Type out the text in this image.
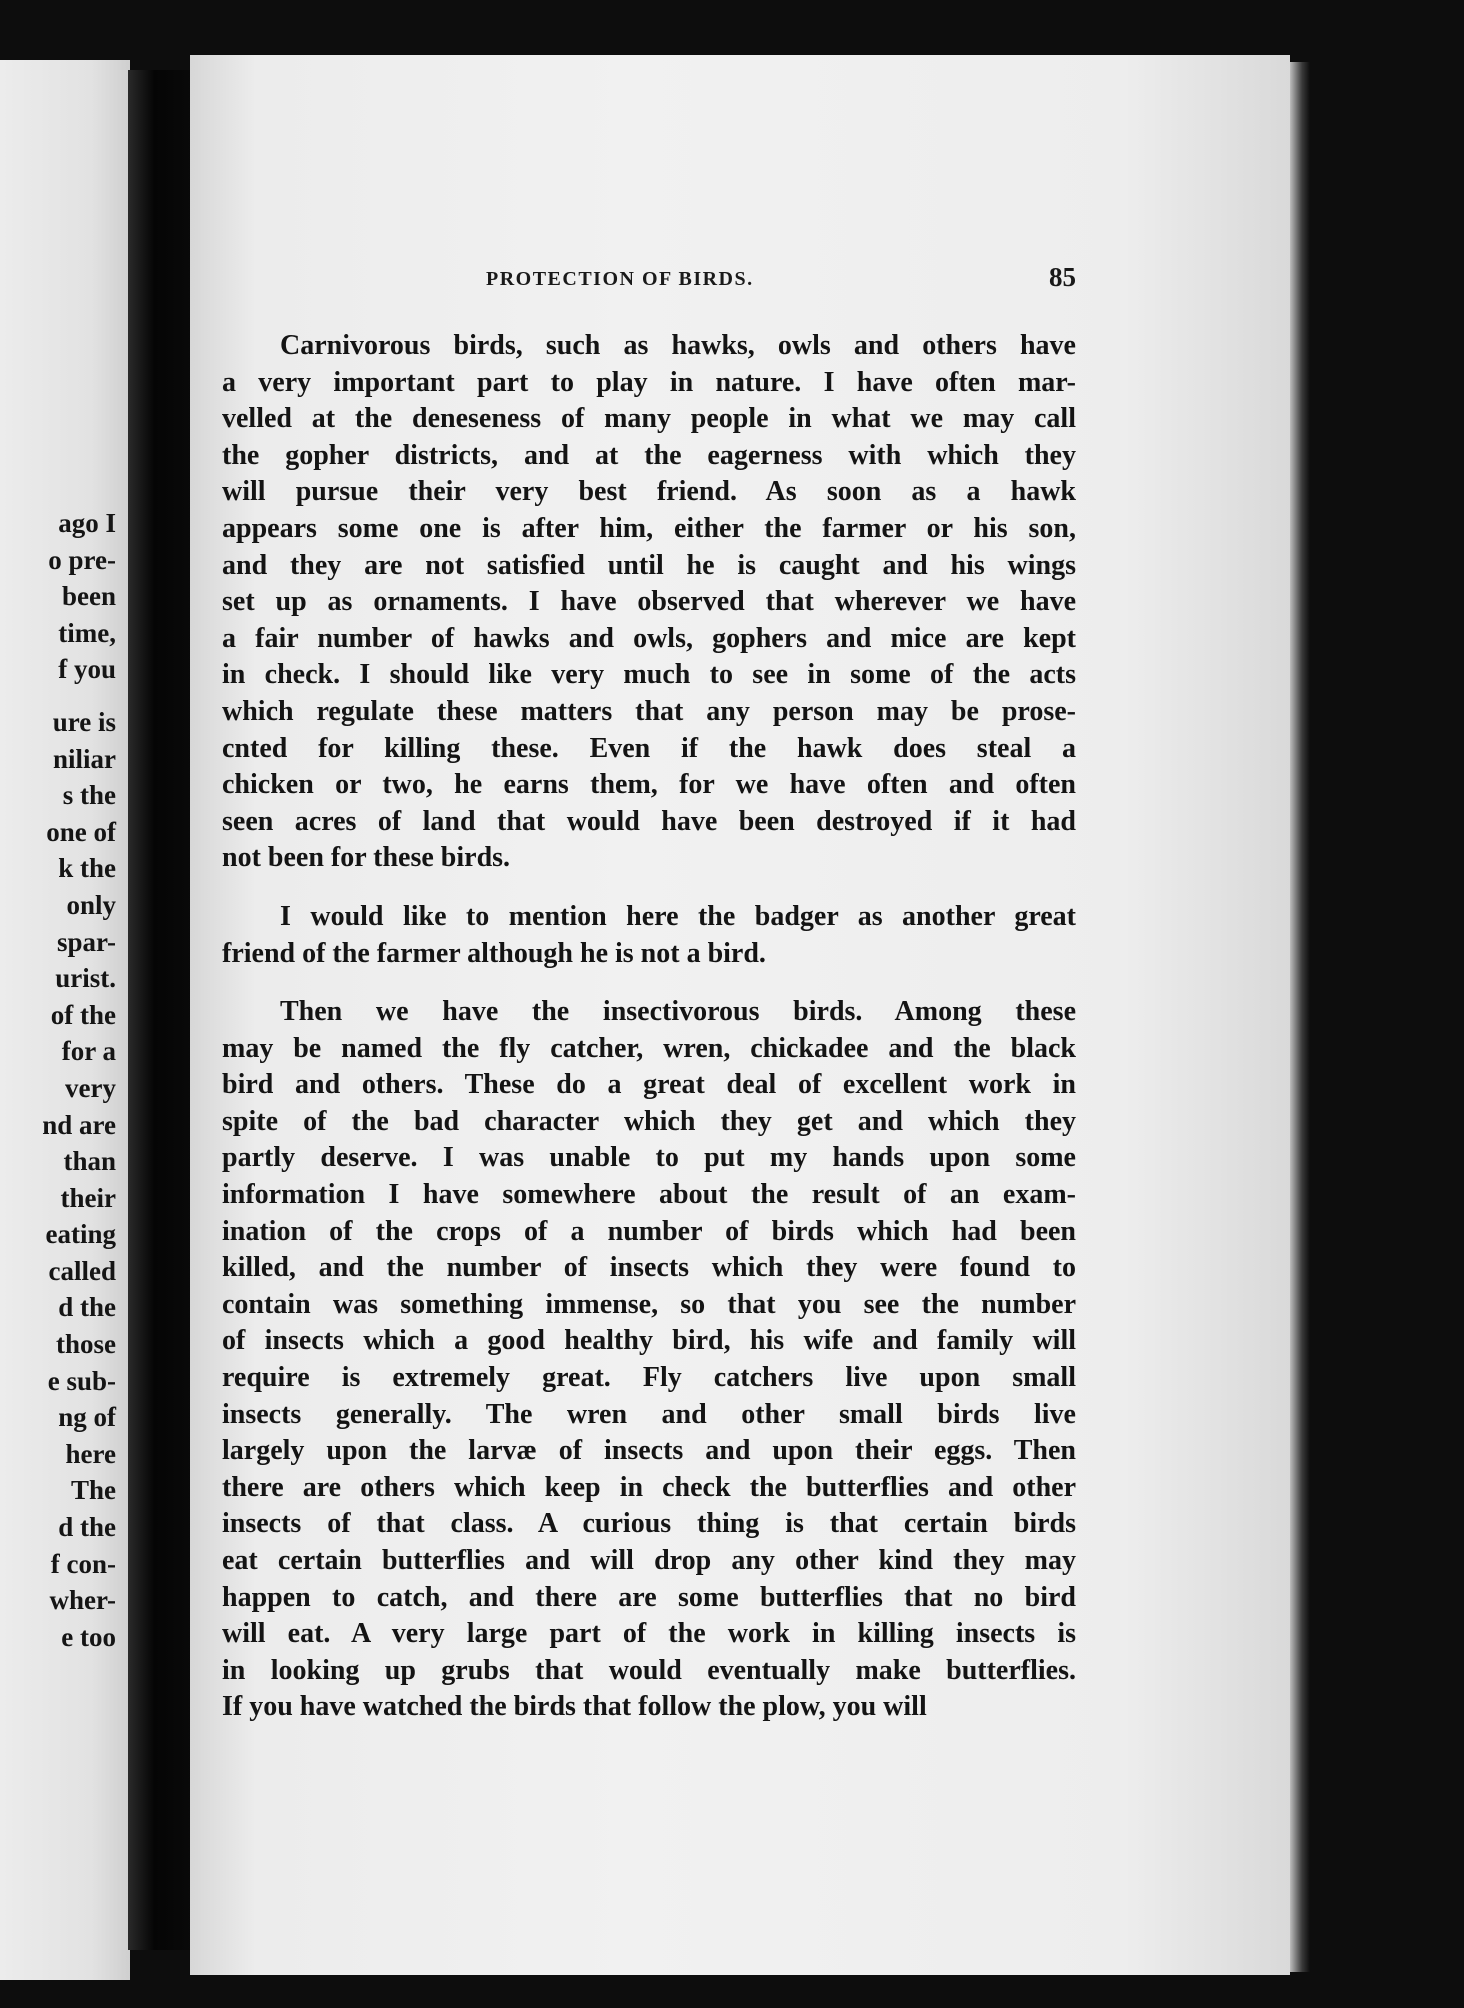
ago I
o pre-
been
time,
f you
ure is
niliar
s the
one of
k the
only
spar-
urist.
of the
for a
very
nd are
than
their
eating
called
d the
those
e sub-
ng of
here
The
d the
f con-
wher-
e too
PROTECTION OF BIRDS.	85
Carnivorous birds, such as hawks, owls and others have
a very important part to play in nature. I have often mar-
velled at the deneseness of many people in what we may call
the gopher districts, and at the eagerness with which they
will pursue their very best friend. As soon as a hawk
appears some one is after him, either the farmer or his son,
and they are not satisfied until he is caught and his wings
set up as ornaments. I have observed that wherever we have
a fair number of hawks and owls, gophers and mice are kept
in check. I should like very much to see in some of the acts
which regulate these matters that any person may be prose-
cnted for killing these. Even if the hawk does steal a
chicken or two, he earns them, for we have often and often
seen acres of land that would have been destroyed if it had
not been for these birds.
I would like to mention here the badger as another great
friend of the farmer although he is not a bird.
Then we have the insectivorous birds. Among these
may be named the fly catcher, wren, chickadee and the black
bird and others. These do a great deal of excellent work in
spite of the bad character which they get and which they
partly deserve. I was unable to put my hands upon some
information I have somewhere about the result of an exam-
ination of the crops of a number of birds which had been
killed, and the number of insects which they were found to
contain was something immense, so that you see the number
of insects which a good healthy bird, his wife and family will
require is extremely great. Fly catchers live upon small
insects generally. The wren and other small birds live
largely upon the larvæ of insects and upon their eggs. Then
there are others which keep in check the butterflies and other
insects of that class. A curious thing is that certain birds
eat certain butterflies and will drop any other kind they may
happen to catch, and there are some butterflies that no bird
will eat. A very large part of the work in killing insects is
in looking up grubs that would eventually make butterflies.
If you have watched the birds that follow the plow, you will
